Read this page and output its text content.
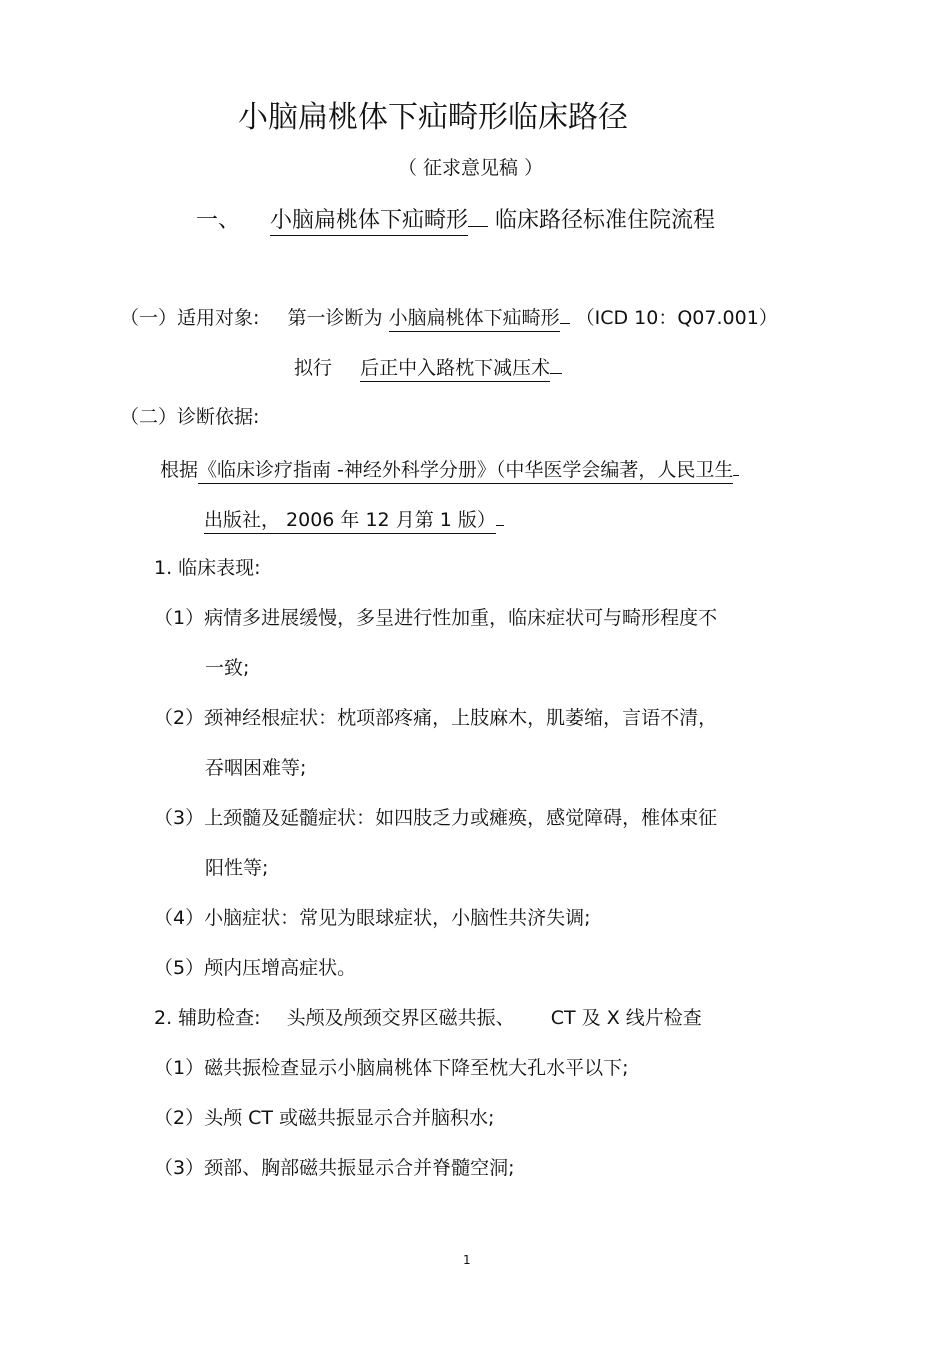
小脑扁桃体下疝畸形临床路径
（ 征求意见稿 ）
一、 小脑扁桃体下疝畸形 临床路径标准住院流程
（一）适用对象: 第一诊断为 小脑扁桃体下疝畸形 （ICD 10：Q07.001）
拟行 后正中入路枕下减压术
（二）诊断依据:
根据《临床诊疗指南 -神经外科学分册》（中华医学会编著，人民卫生
出版社， 2006 年 12 月第 1 版）
1. 临床表现:
（1）病情多进展缓慢，多呈进行性加重，临床症状可与畸形程度不
一致;
（2）颈神经根症状：枕项部疼痛，上肢麻木，肌萎缩，言语不清，
吞咽困难等;
（3）上颈髓及延髓症状：如四肢乏力或瘫痪，感觉障碍，椎体束征
阳性等;
（4）小脑症状：常见为眼球症状，小脑性共济失调;
（5）颅内压增高症状。
2. 辅助检查: 头颅及颅颈交界区磁共振、 CT 及 X 线片检查
（1）磁共振检查显示小脑扁桃体下降至枕大孔水平以下;
（2）头颅 CT 或磁共振显示合并脑积水;
（3）颈部、胸部磁共振显示合并脊髓空洞;
1
